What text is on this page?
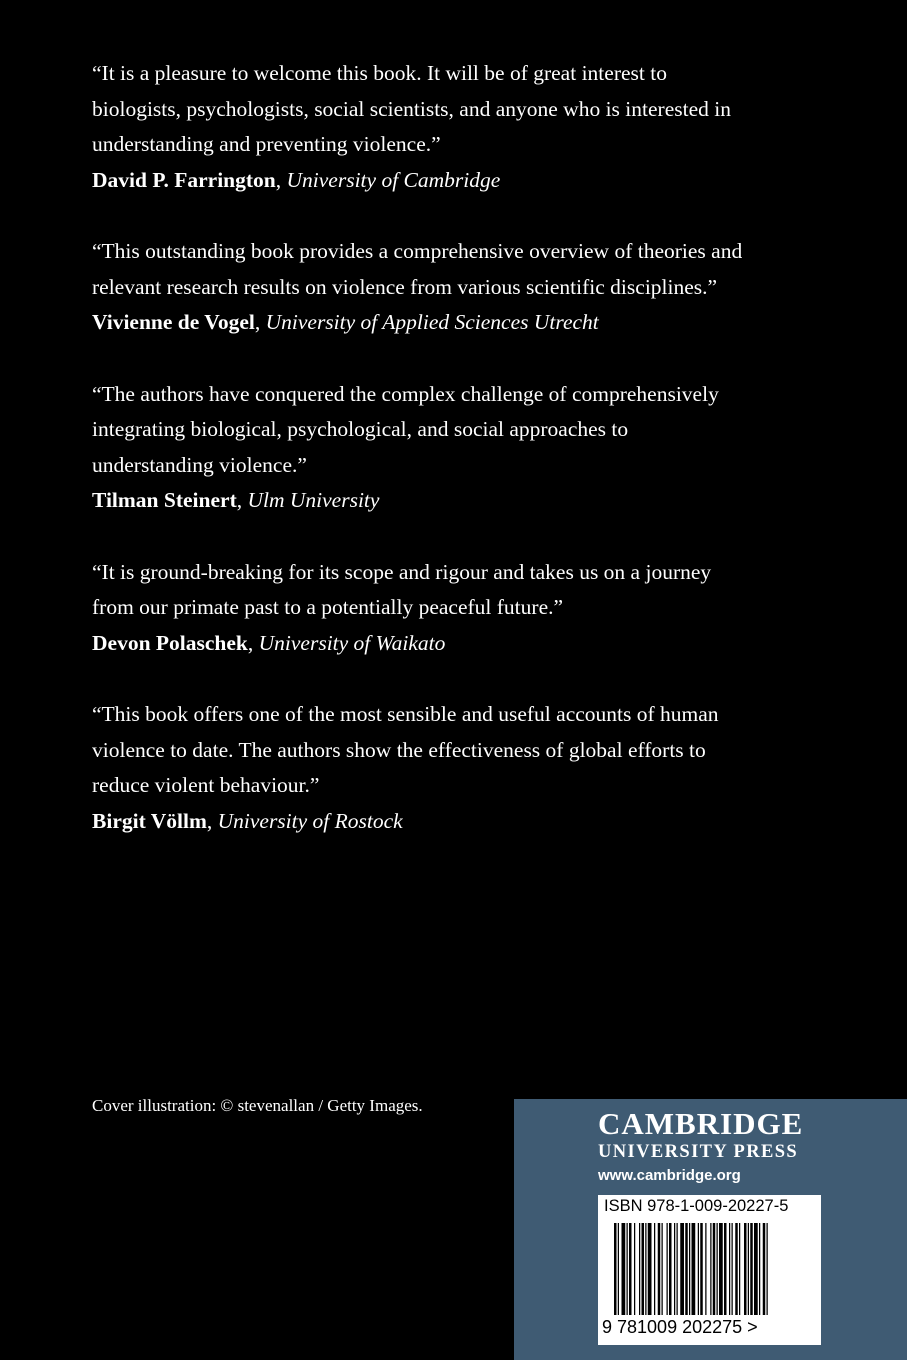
“It is a pleasure to welcome this book. It will be of great interest to

biologists, psychologists, social scientists, and anyone who is interested in

understanding and preventing violence.”

David P. Farrington, University of Cambridge

“This outstanding book provides a comprehensive overview of theories and

relevant research results on violence from various scientific disciplines.”

Vivienne de Vogel, University of Applied Sciences Utrecht

“The authors have conquered the complex challenge of comprehensively

integrating biological, psychological, and social approaches to

understanding violence.”

Tilman Steinert, Ulm University

“It is ground-breaking for its scope and rigour and takes us on a journey

from our primate past to a potentially peaceful future.”

Devon Polaschek, University of Waikato

“This book offers one of the most sensible and useful accounts of human

violence to date. The authors show the effectiveness of global efforts to

reduce violent behaviour.”

Birgit Völlm, University of Rostock

Cover illustration: © stevenallan / Getty Images.
CAMBRIDGE
UNIVERSITY PRESS
www.cambridge.org
ISBN 978-1-009-20227-5
9 781009 202275 >
